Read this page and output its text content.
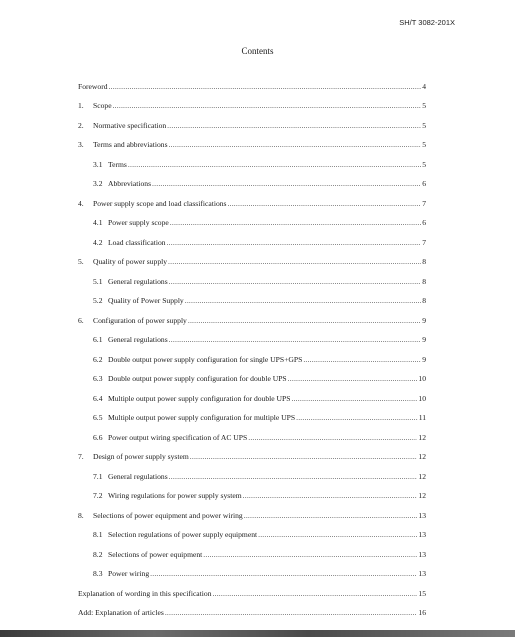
SH/T 3082-201X
Contents
Foreword .....	4
1.	Scope .....	5
2.	Normative specification .....	5
3.	Terms and abbreviations .....	5
3.1 Terms .....	5
3.2 Abbreviations .....	6
4.	Power supply scope and load classifications .....	7
4.1 Power supply scope .....	6
4.2 Load classification .....	7
5.	Quality of power supply .....	8
5.1 General regulations .....	8
5.2 Quality of Power Supply .....	8
6.	Configuration of power supply .....	9
6.1 General regulations .....	9
6.2 Double output power supply configuration for single UPS+GPS .....	9
6.3 Double output power supply configuration for double UPS .....	10
6.4 Multiple output power supply configuration for double UPS .....	10
6.5 Multiple output power supply configuration for multiple UPS .....	11
6.6 Power output wiring specification of AC UPS .....	12
7.	Design of power supply system .....	12
7.1 General regulations .....	12
7.2 Wiring regulations for power supply system .....	12
8.	Selections of power equipment and power wiring .....	13
8.1 Selection regulations of power supply equipment .....	13
8.2 Selections of power equipment .....	13
8.3 Power wiring .....	13
Explanation of wording in this specification .....	15
Add: Explanation of articles .....	16
